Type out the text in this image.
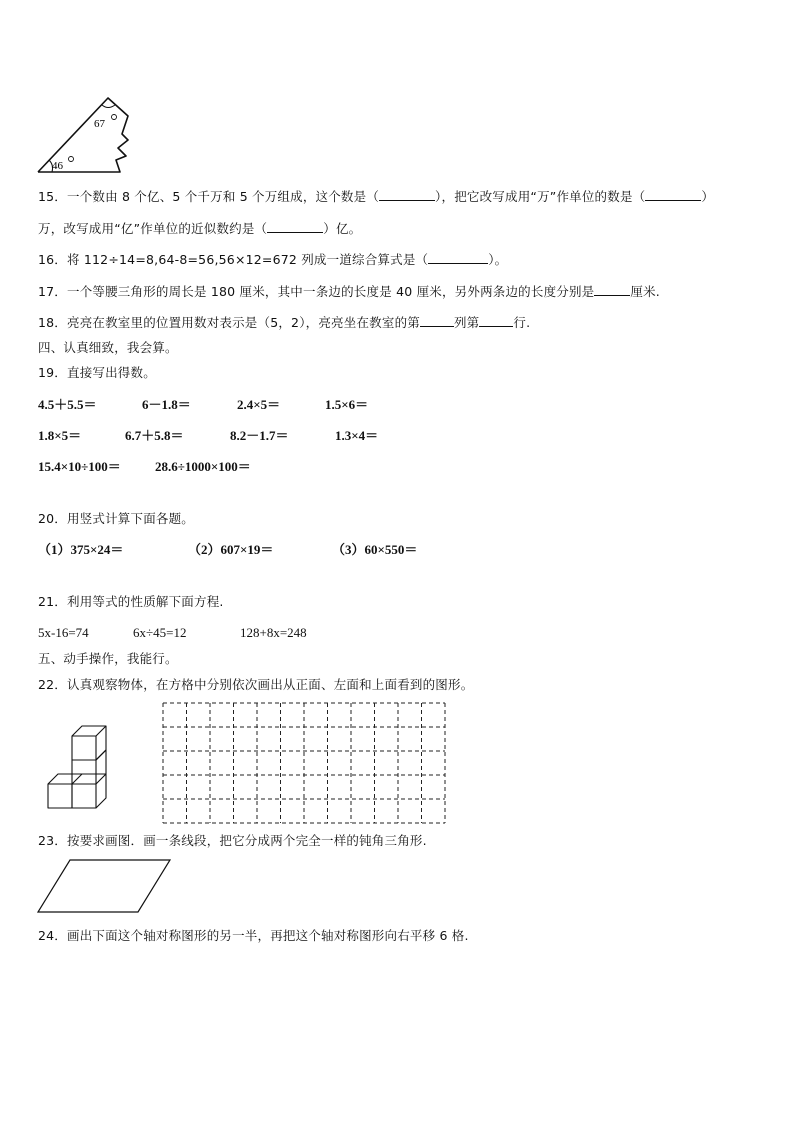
67
46
15．一个数由 8 个亿、5 个千万和 5 个万组成，这个数是（	），把它改写成用“万”作单位的数是（	）
万，改写成用“亿”作单位的近似数约是（	）亿。
16．将 112÷14=8,64-8=56,56×12=672 列成一道综合算式是（	）。
17．一个等腰三角形的周长是 180 厘米，其中一条边的长度是 40 厘米，另外两条边的长度分别是	厘米.
18．亮亮在教室里的位置用数对表示是（5，2），亮亮坐在教室的第	列第	行.
四、认真细致，我会算。
19．直接写出得数。
4.5＋5.5＝	6－1.8＝	2.4×5＝	1.5×6＝
1.8×5＝	6.7＋5.8＝	8.2－1.7＝	1.3×4＝
15.4×10÷100＝	28.6÷1000×100＝
20．用竖式计算下面各题。
（1）375×24＝	（2）607×19＝	（3）60×550＝
21．利用等式的性质解下面方程.
5x-16=74	6x÷45=12	128+8x=248
五、动手操作，我能行。
22．认真观察物体，在方格中分别依次画出从正面、左面和上面看到的图形。
23．按要求画图．画一条线段，把它分成两个完全一样的钝角三角形.
24．画出下面这个轴对称图形的另一半，再把这个轴对称图形向右平移 6 格.
